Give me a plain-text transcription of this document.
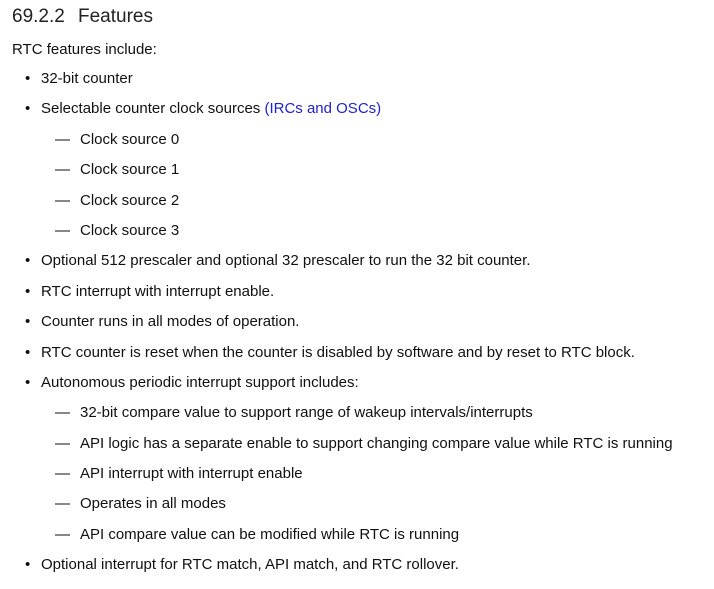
69.2.2 Features

RTC features include:

• 32-bit counter
• Selectable counter clock sources (IRCs and OSCs)
— Clock source 0
— Clock source 1
— Clock source 2
— Clock source 3
• Optional 512 prescaler and optional 32 prescaler to run the 32 bit counter.
• RTC interrupt with interrupt enable.
• Counter runs in all modes of operation.
• RTC counter is reset when the counter is disabled by software and by reset to RTC block.
• Autonomous periodic interrupt support includes:
— 32-bit compare value to support range of wakeup intervals/interrupts
— API logic has a separate enable to support changing compare value while RTC is running
— API interrupt with interrupt enable
— Operates in all modes
— API compare value can be modified while RTC is running
• Optional interrupt for RTC match, API match, and RTC rollover.
